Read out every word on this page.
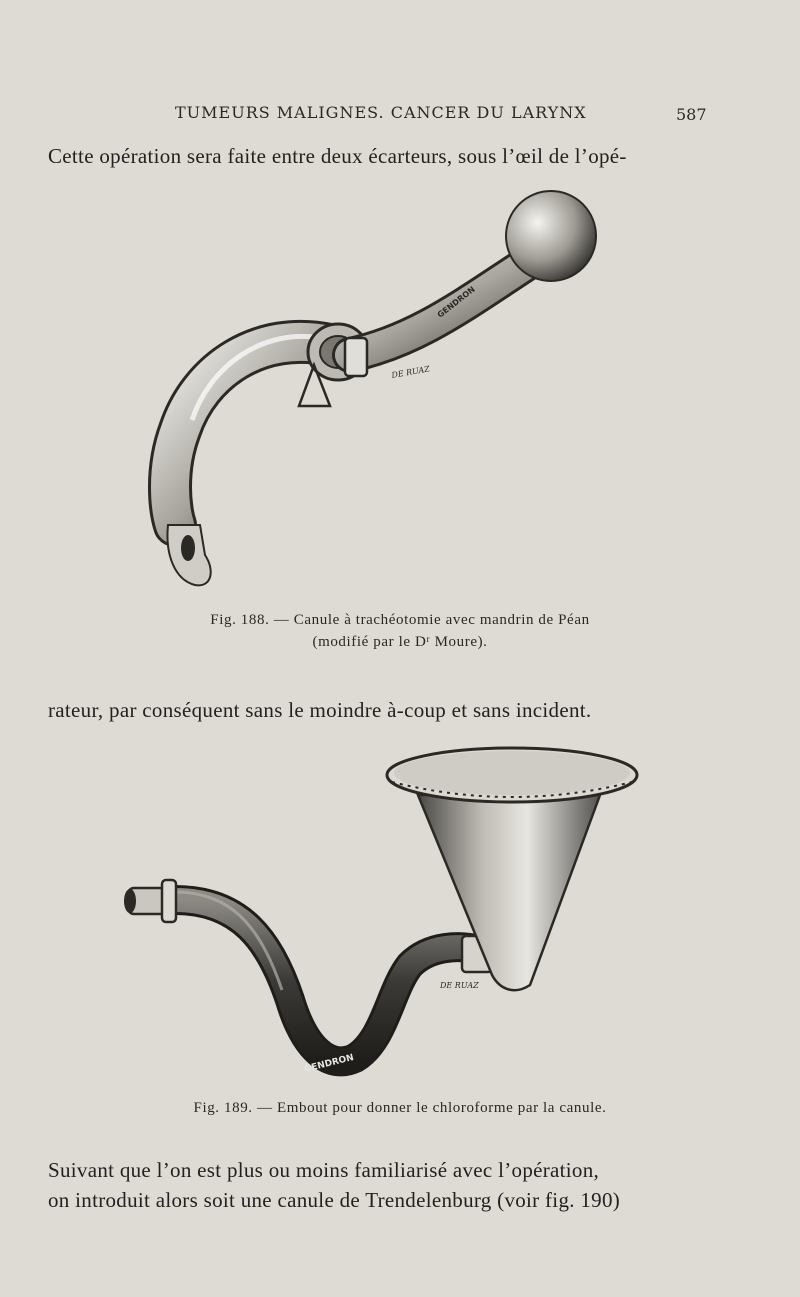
TUMEURS MALIGNES. CANCER DU LARYNX	587
Cette opération sera faite entre deux écarteurs, sous l’œil de l’opé-
GENDRON
DE RUAZ
Fig. 188. — Canule à trachéotomie avec mandrin de Péan
(modifié par le Dʳ Moure).
rateur, par conséquent sans le moindre à-coup et sans incident.
GENDRON
DE RUAZ
Fig. 189. — Embout pour donner le chloroforme par la canule.
Suivant que l’on est plus ou moins familiarisé avec l’opération,
on introduit alors soit une canule de Trendelenburg (voir fig. 190)
